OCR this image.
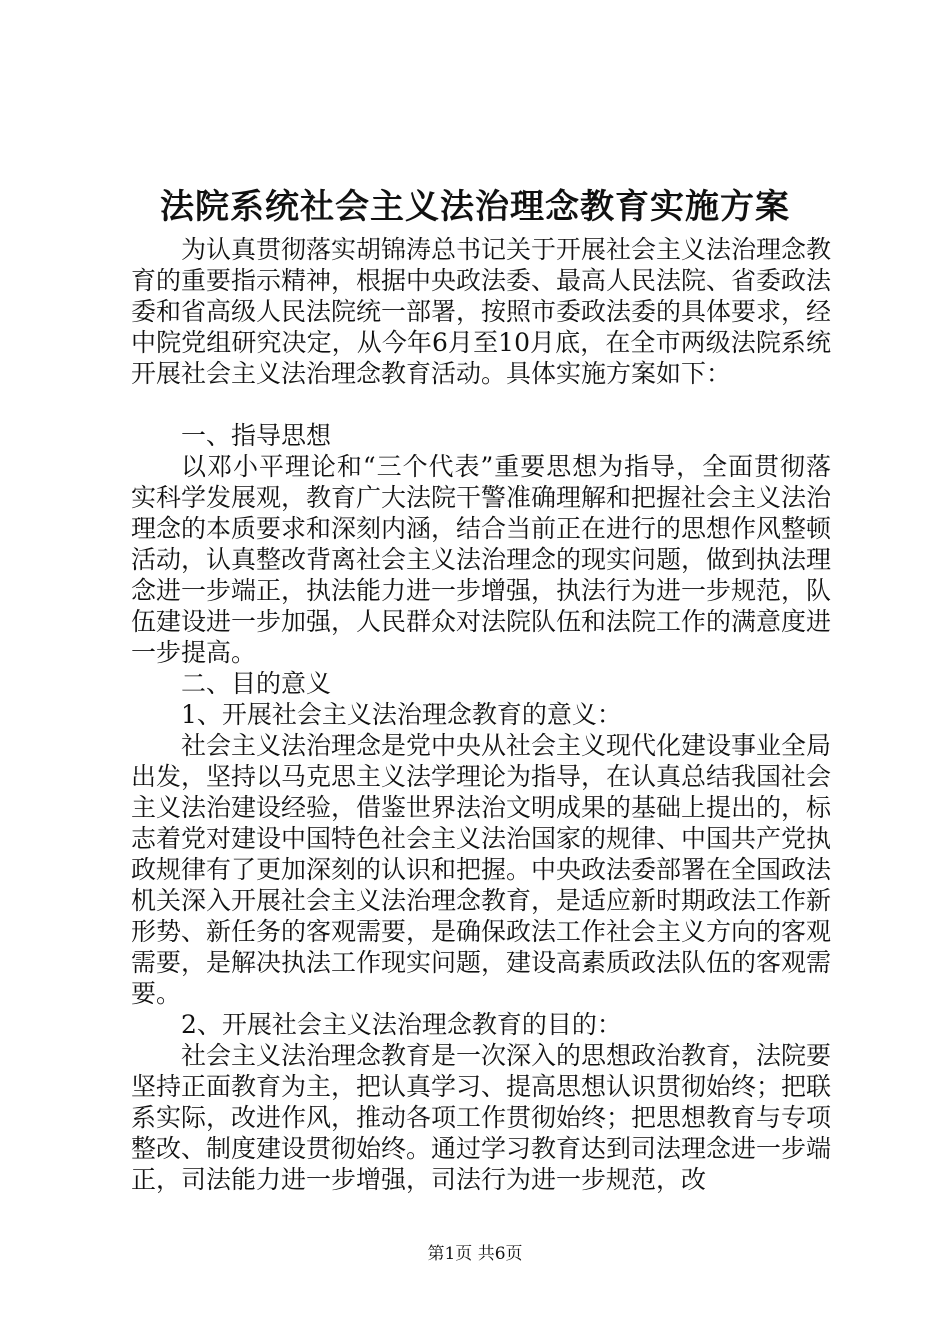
法院系统社会主义法治理念教育实施方案

为认真贯彻落实胡锦涛总书记关于开展社会主义法治理念教育的重要指示精神，根据中央政法委、最高人民法院、省委政法委和省高级人民法院统一部署，按照市委政法委的具体要求，经中院党组研究决定，从今年6月至10月底，在全市两级法院系统开展社会主义法治理念教育活动。具体实施方案如下：

一、指导思想

以邓小平理论和“三个代表”重要思想为指导，全面贯彻落实科学发展观，教育广大法院干警准确理解和把握社会主义法治理念的本质要求和深刻内涵，结合当前正在进行的思想作风整顿活动，认真整改背离社会主义法治理念的现实问题，做到执法理念进一步端正，执法能力进一步增强，执法行为进一步规范，队伍建设进一步加强，人民群众对法院队伍和法院工作的满意度进一步提高。

二、目的意义

1、开展社会主义法治理念教育的意义：

社会主义法治理念是党中央从社会主义现代化建设事业全局出发，坚持以马克思主义法学理论为指导，在认真总结我国社会主义法治建设经验，借鉴世界法治文明成果的基础上提出的，标志着党对建设中国特色社会主义法治国家的规律、中国共产党执政规律有了更加深刻的认识和把握。中央政法委部署在全国政法机关深入开展社会主义法治理念教育，是适应新时期政法工作新形势、新任务的客观需要，是确保政法工作社会主义方向的客观需要，是解决执法工作现实问题，建设高素质政法队伍的客观需要。

2、开展社会主义法治理念教育的目的：

社会主义法治理念教育是一次深入的思想政治教育，法院要坚持正面教育为主，把认真学习、提高思想认识贯彻始终；把联系实际，改进作风，推动各项工作贯彻始终；把思想教育与专项整改、制度建设贯彻始终。通过学习教育达到司法理念进一步端正，司法能力进一步增强，司法行为进一步规范，改

第1页 共6页
